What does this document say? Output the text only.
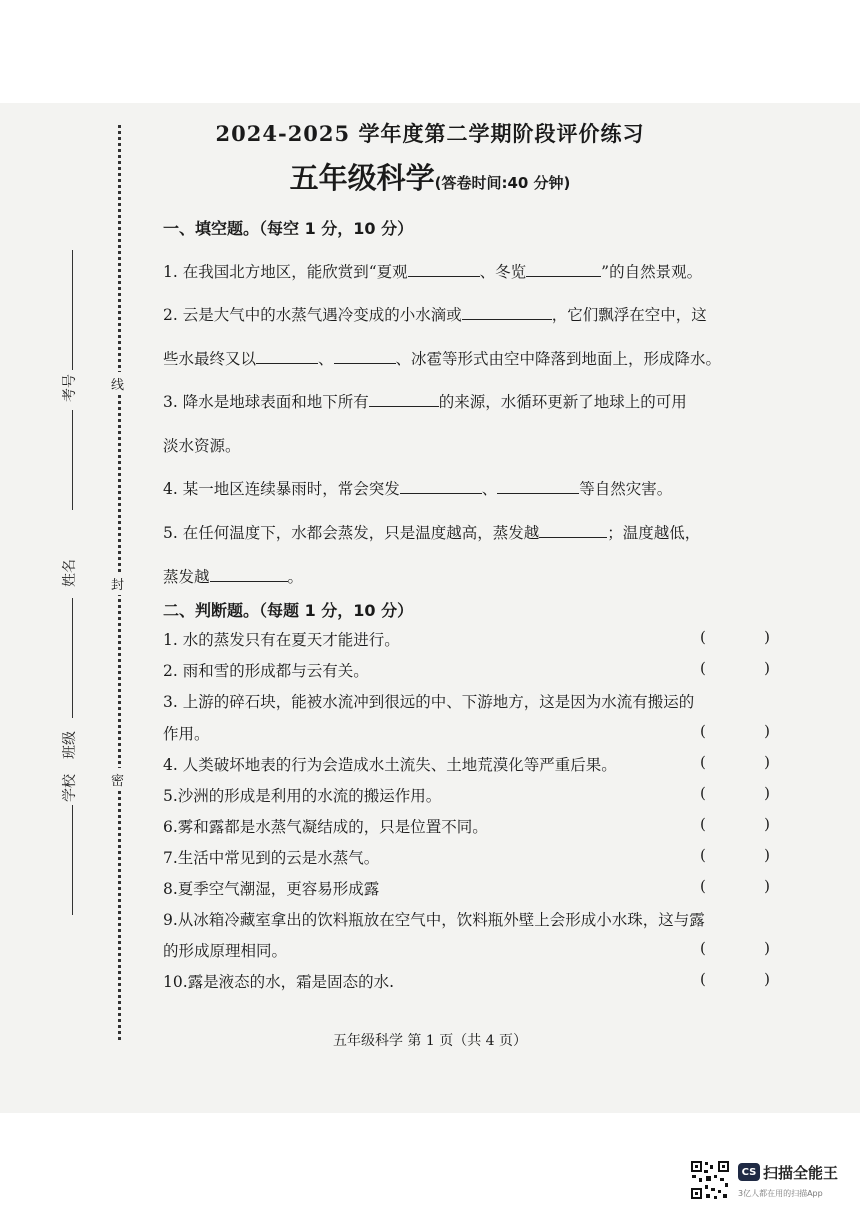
考号
姓名
班级
学校
线
封
密
2024-2025 学年度第二学期阶段评价练习
五年级科学(答卷时间:40 分钟)
一、填空题。（每空 1 分，10 分）
1. 在我国北方地区，能欣赏到“夏观	、冬览	”的自然景观。
2. 云是大气中的水蒸气遇冷变成的小水滴或	，它们飘浮在空中，这
些水最终又以	、	、冰雹等形式由空中降落到地面上，形成降水。
3. 降水是地球表面和地下所有	的来源，水循环更新了地球上的可用
淡水资源。
4. 某一地区连续暴雨时，常会突发	、	等自然灾害。
5. 在任何温度下，水都会蒸发，只是温度越高，蒸发越	；温度越低，
蒸发越	。
二、判断题。（每题 1 分，10 分）
1. 水的蒸发只有在夏天才能进行。	(	)
2. 雨和雪的形成都与云有关。	(	)
3. 上游的碎石块，能被水流冲到很远的中、下游地方，这是因为水流有搬运的
作用。	(	)
4. 人类破坏地表的行为会造成水土流失、土地荒漠化等严重后果。	(	)
5.沙洲的形成是利用的水流的搬运作用。	(	)
6.雾和露都是水蒸气凝结成的，只是位置不同。	(	)
7.生活中常见到的云是水蒸气。	(	)
8.夏季空气潮湿，更容易形成露	(	)
9.从冰箱冷藏室拿出的饮料瓶放在空气中，饮料瓶外壁上会形成小水珠，这与露
的形成原理相同。	(	)
10.露是液态的水，霜是固态的水.	(	)
五年级科学 第 1 页（共 4 页）
CS 扫描全能王
3亿人都在用的扫描App
